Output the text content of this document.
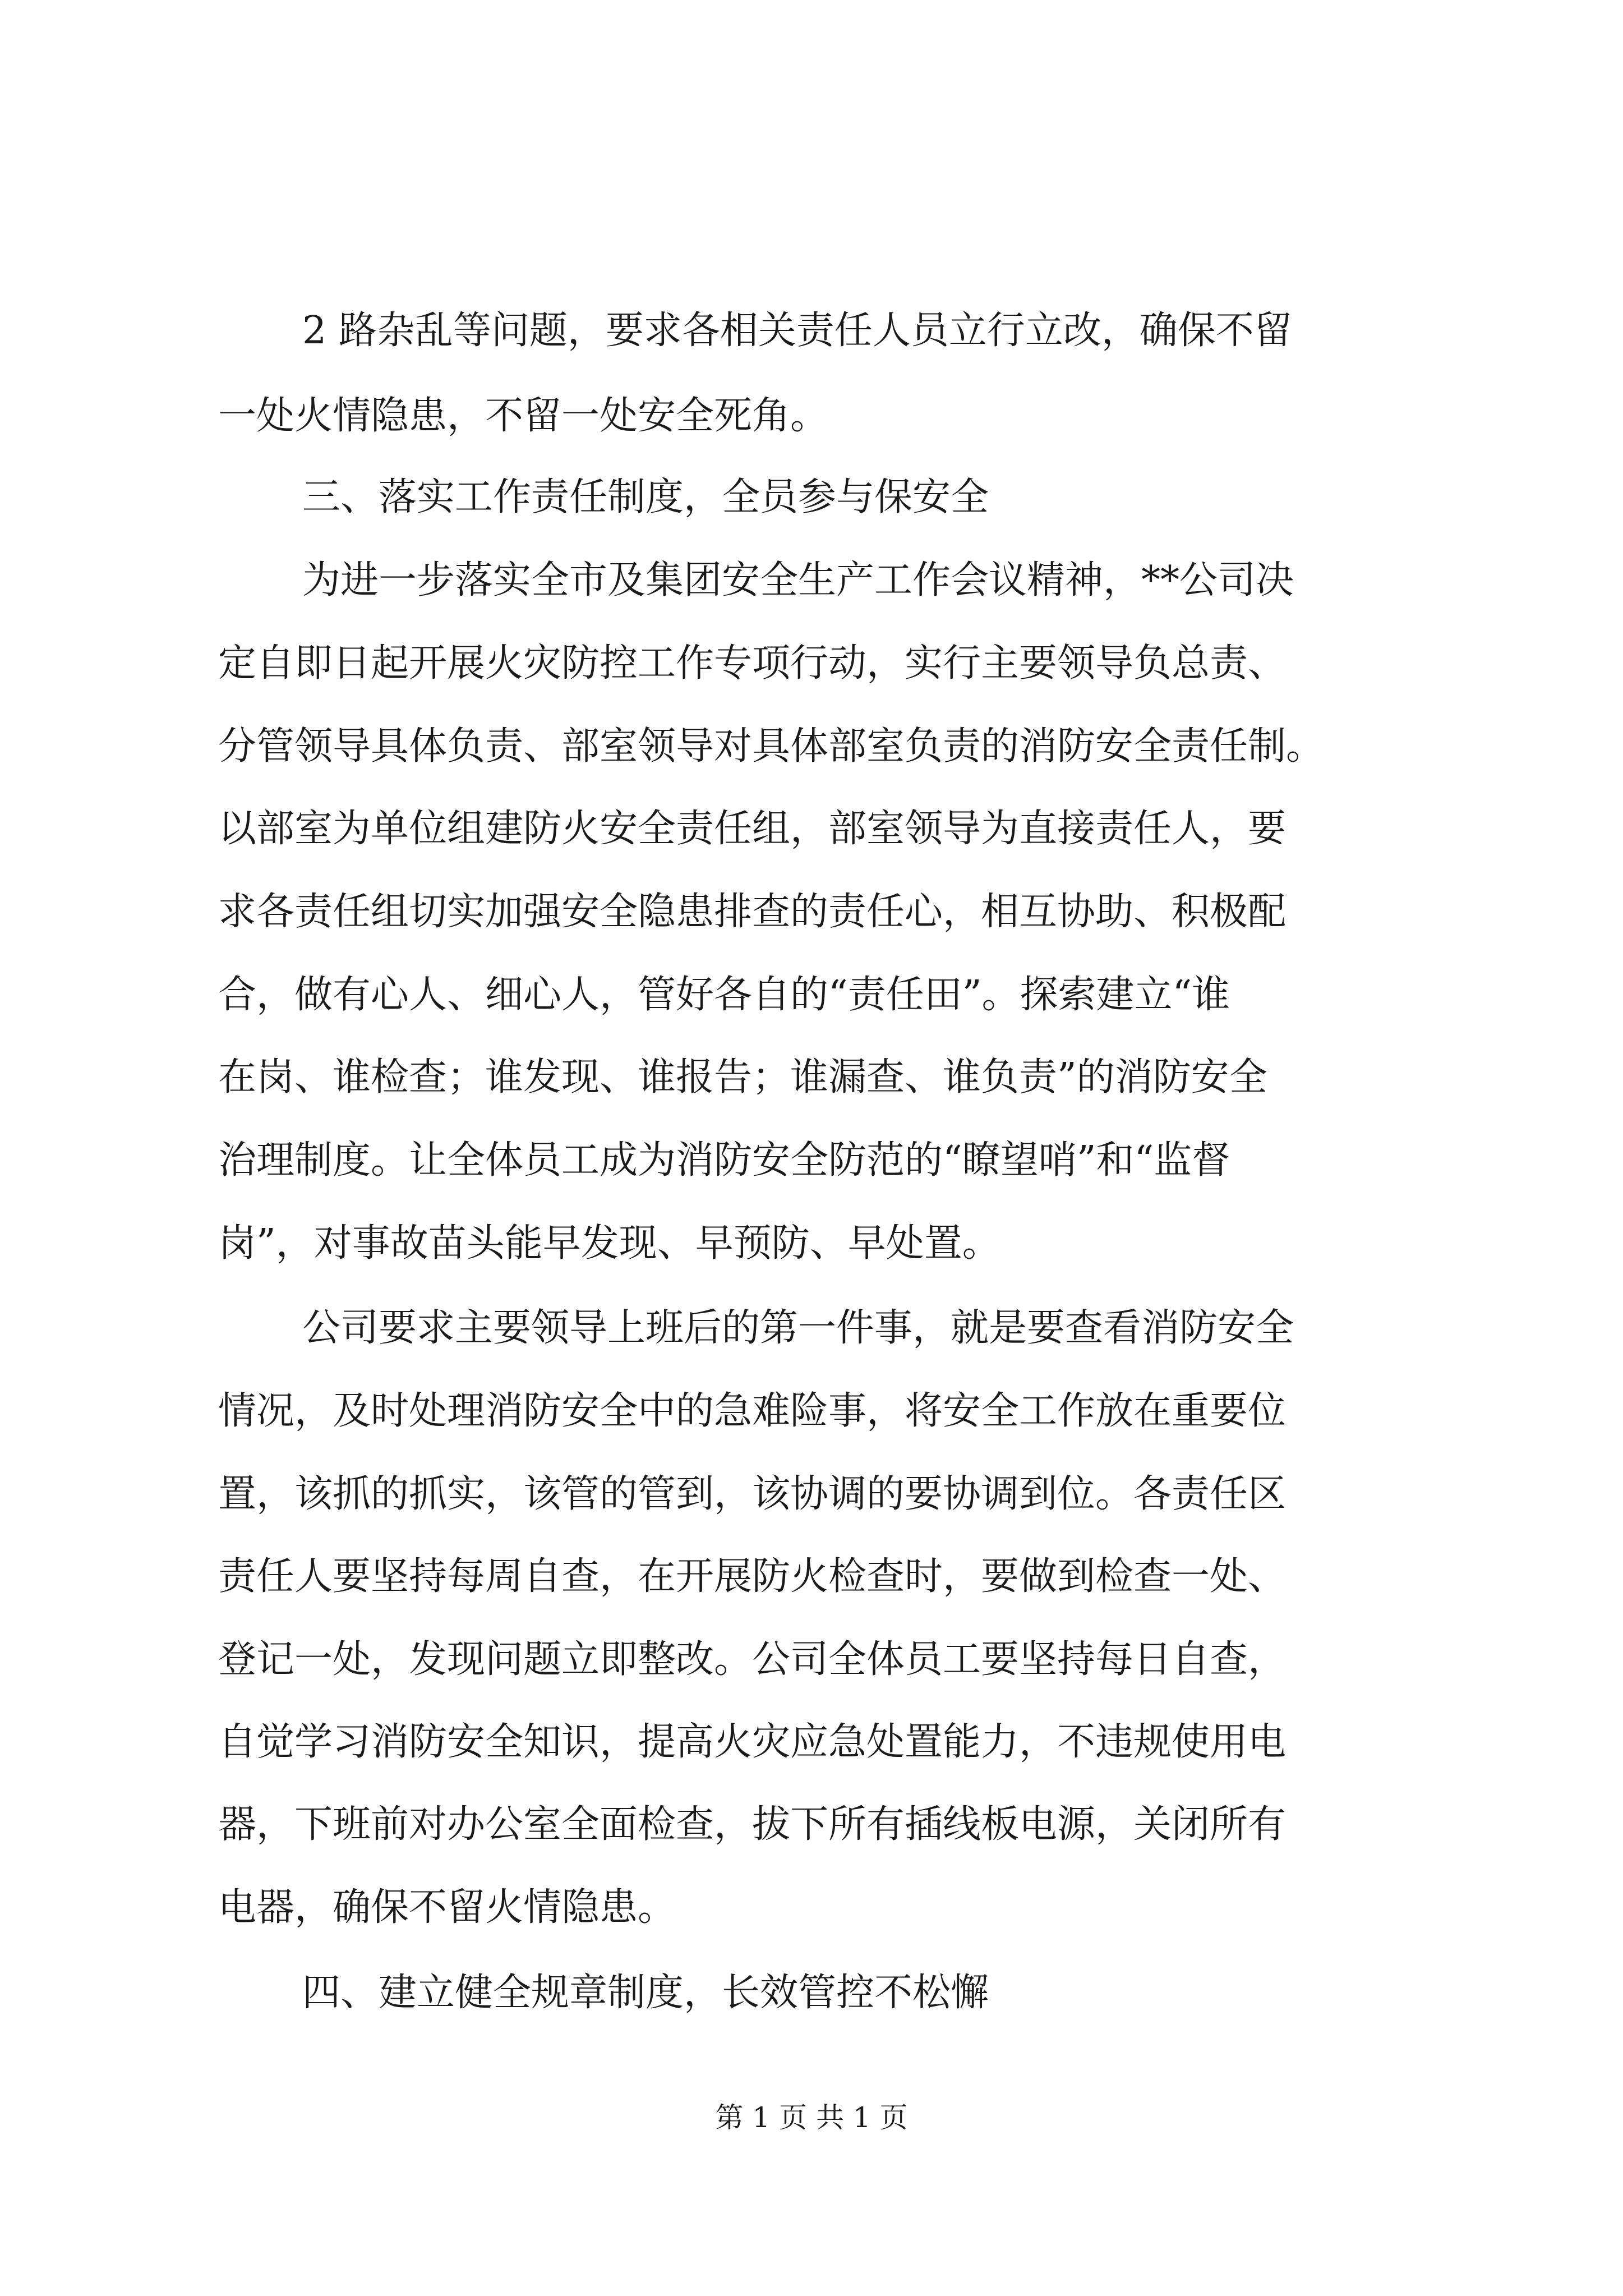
2 路杂乱等问题，要求各相关责任人员立行立改，确保不留
一处火情隐患，不留一处安全死角。
三、落实工作责任制度，全员参与保安全
为进一步落实全市及集团安全生产工作会议精神，**公司决
定自即日起开展火灾防控工作专项行动，实行主要领导负总责、
分管领导具体负责、部室领导对具体部室负责的消防安全责任制。
以部室为单位组建防火安全责任组，部室领导为直接责任人，要
求各责任组切实加强安全隐患排查的责任心，相互协助、积极配
合，做有心人、细心人，管好各自的“责任田”。探索建立“谁
在岗、谁检查；谁发现、谁报告；谁漏查、谁负责”的消防安全
治理制度。让全体员工成为消防安全防范的“瞭望哨”和“监督
岗”，对事故苗头能早发现、早预防、早处置。
公司要求主要领导上班后的第一件事，就是要查看消防安全
情况，及时处理消防安全中的急难险事，将安全工作放在重要位
置，该抓的抓实，该管的管到，该协调的要协调到位。各责任区
责任人要坚持每周自查，在开展防火检查时，要做到检查一处、
登记一处，发现问题立即整改。公司全体员工要坚持每日自查，
自觉学习消防安全知识，提高火灾应急处置能力，不违规使用电
器，下班前对办公室全面检查，拔下所有插线板电源，关闭所有
电器，确保不留火情隐患。
四、建立健全规章制度，长效管控不松懈
第 1 页 共 1 页
